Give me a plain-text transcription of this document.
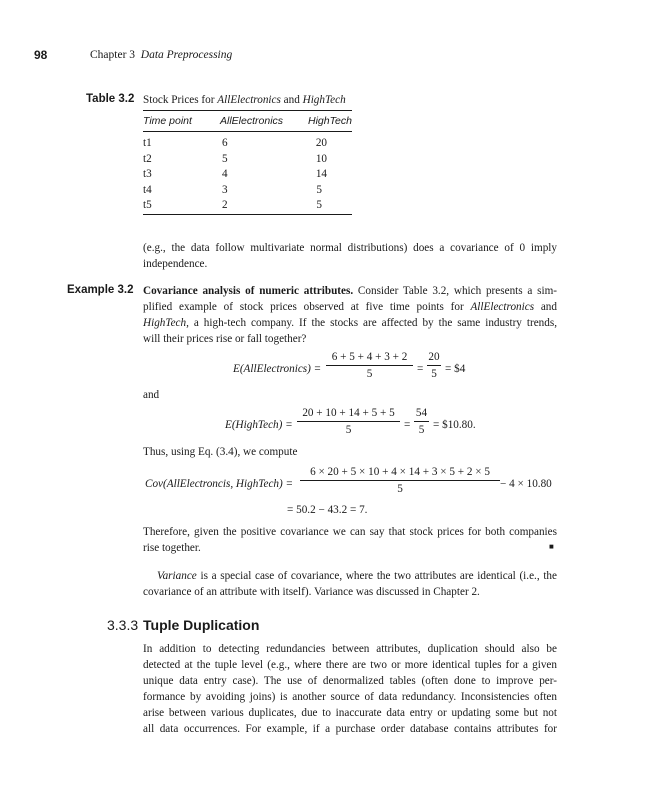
98	Chapter 3 Data Preprocessing
Table 3.2 Stock Prices for AllElectronics and HighTech
Time point	AllElectronics HighTech
t1	6	20
t2	5	10
t3	4	14
t4	3	5
t5	2	5
(e.g., the data follow multivariate normal distributions) does a covariance of 0 imply independence.
Example 3.2 Covariance analysis of numeric attributes. Consider Table 3.2, which presents a sim-
plified example of stock prices observed at five time points for AllElectronics and
HighTech, a high-tech company. If the stocks are affected by the same industry trends,
will their prices rise or fall together?
E(AllElectronics) =
6 + 5 + 4 + 3 + 2
5	=
20
5 = $4
and
E(HighTech) =
20 + 10 + 14 + 5 + 5
5	=
54
5 = $10.80.
Thus, using Eq. (3.4), we compute
Cov(AllElectroncis, HighTech) =
6 × 20 + 5 × 10 + 4 × 14 + 3 × 5 + 2 × 5
5	− 4 × 10.80
= 50.2 − 43.2 = 7.
Therefore, given the positive covariance we can say that stock prices for both companies
rise together.	■
Variance is a special case of covariance, where the two attributes are identical (i.e., the
covariance of an attribute with itself). Variance was discussed in Chapter 2.
3.3.3 Tuple Duplication
In addition to detecting redundancies between attributes, duplication should also be
detected at the tuple level (e.g., where there are two or more identical tuples for a given
unique data entry case). The use of denormalized tables (often done to improve per-
formance by avoiding joins) is another source of data redundancy. Inconsistencies often
arise between various duplicates, due to inaccurate data entry or updating some but not
all data occurrences. For example, if a purchase order database contains attributes for
